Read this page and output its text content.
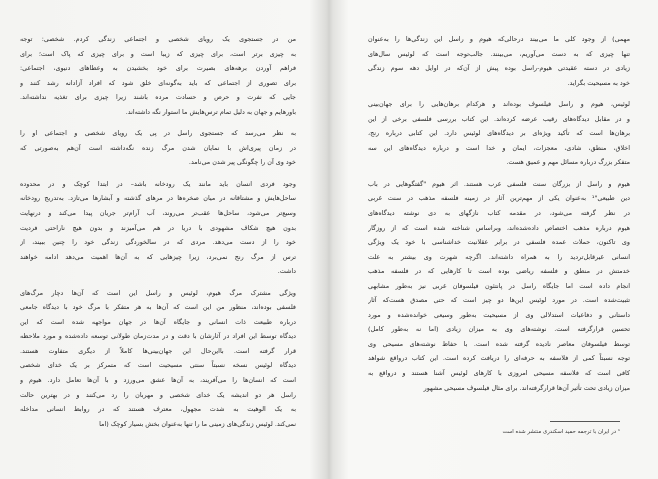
من در جستجوی یک رویای شخصی و اجتماعی زندگی کردم. شخصی: توجه
به چیزی برتر است، برای چیزی که زیبا است و برای چیزی که پاک است؛ برای
فراهم آوردن برهه‌های بصیرت برای خود بخشیدن به وعطاهای دنیوی، اجتماعی:
برای تصوری از اجتماعی که باید به‌گونه‌ای خلق شود که افراد آزادانه رشد کنند و
جایی که نفرت و حرص و حسادت مرده باشند زیرا چیزی برای تغذیه نداشته‌اند.
باورهایم و جهان به دلیل تمام ترس‌هایش ما استوار نگه داشته‌اند.
به نظر می‌رسد که جستجوی راسل در پی یک رویای شخصی و اجتماعی او را
در زمان پیری‌اش با نمایان شدن مرگ زنده نگه‌داشته است آن‌هم به‌صورتی که
خود وی آن را چگونگی پیر شدن می‌نامد.
وجود فردی انسان باید مانند یک رودخانه باشد– در ابتدا کوچک و در محدوده
ساحل‌هایش و مشتاقانه در میان صخره‌ها در مرهای گذشته و آبشارها می‌تازد. به‌تدریج رودخانه
وسیع‌تر می‌شود، ساحل‌ها عقب‌تر می‌روند، آب آرام‌تر جریان پیدا می‌کند و درنهایت
بدون هیچ شکاف مشهودی با دریا در هم می‌آمیزند و بدون هیچ ناراحتی فردیت
خود را از دست می‌دهد. مردی که در سالخوردگی زندگی خود را چنین ببیند، از
ترس از مرگ رنج نمی‌برد، زیرا چیزهایی که به آن‌ها اهمیت می‌دهد ادامه خواهند
داشت.
ویژگی مشترک مرگ هیوم، لوئیس و راسل این است که آن‌ها دچار مرگ‌های
فلسفی بوده‌اند، منظور من این است که آن‌ها به هر متفکر با مرگ خود با دیدگاه جامعی
درباره طبیعت ذات انسانی و جایگاه آن‌ها در جهان مواجهه شده است که این
دیدگاه توسط این افراد در آثارشان با دقت و در مدت‌زمان طولانی توسعه داده‌شده و مورد ملاحظه
قرار گرفته است. بااین‌حال این جهان‌بینی‌ها کاملاً از دیگری متفاوت هستند.
دیدگاه لوئیس نسخه نسبتاً سنتی مسیحیت است که متمرکز بر یک خدای شخصی
است که انسان‌ها را می‌آفریند، به آن‌ها عشق می‌ورزد و با آن‌ها تعامل دارد. هیوم و
راسل هر دو اندیشه یک خدای شخصی و مهربان را رد می‌کنند و در بهترین حالت
به یک الوهیت به شدت مجهول، معترف هستند که در روابط انسانی مداخله
نمی‌کند. لوئیس زندگی‌های زمینی ما را تنها به‌عنوان بخش بسیار کوچک (اما
مهمی) از وجود کلی ما می‌بیند درحالی‌که هیوم و راسل این زندگی‌ها را به‌عنوان
تنها چیزی که به دست می‌آوریم، می‌بینند. جالب‌توجه است که لوئیس سال‌های
زیادی در دسته عقیدتی هیوم-راسل بوده پیش از آن‌که در اوایل دهه سوم زندگی
خود به مسیحیت بگراید.
لوئیس، هیوم و راسل فیلسوف بوده‌اند و هرکدام برهان‌هایی را برای جهان‌بینی
و در مقابل دیدگاه‌های رقیب عرضه کرده‌اند. این کتاب بررسی فلسفی برخی از این
برهان‌ها است که تأکید ویژه‌ای بر دیدگاه‌های لوئیس دارد. این کتابی درباره رنج،
اخلاق، منطق، شادی، معجزات، ایمان و خدا است و درباره دیدگاه‌های این سه
متفکر بزرگ درباره مسائل مهم و عمیق هست.
هیوم و راسل از بزرگان سنت فلسفی غرب هستند. اثر هیوم "گفتگوهایی در باب
دین طبیعی"¹ به‌عنوان یکی از مهم‌ترین آثار در زمینه فلسفه مذهب در سنت غربی
در نظر گرفته می‌شود، در مقدمه کتاب نازگهای به دی نوشته دیدگاه‌های
هیوم درباره مذهب اختصاص داده‌شده‌اند، وبراساس شناخته شده است که از روزگار
وی تاکنون، حملات عمده فلسفی در برابر عقلانیت خداشناسی با خود یک ویژگی
انسانی غیرقابل‌تردید را به همراه داشته‌اند. اگرچه شهرت وی بیشتر به علت
خدمتش در منطق و فلسفه ریاضی بوده است تا کارهایی که در فلسفه مذهب
انجام داده است اما جایگاه راسل در پانتئون فیلسوفان غربی نیز به‌طور مشابهی
تثبیت‌شده است. در مورد لوئیس این‌ها دو چیز است که حتی مصدق هست‌که آثار
داستانی و دفاعیات استدلالی وی از مسیحیت به‌طور وسیعی خوانده‌شده و مورد
تحسین قرارگرفته است. نوشته‌های وی به میزان زیادی (اما نه به‌طور کامل)
توسط فیلسوفان معاصر نادیده گرفته شده است. با حفاظ نوشته‌های مسیحی وی
توجه نسبتاً کمی از فلاسفه به حرفه‌ای را دریافت کرده است. این کتاب درواقع شواهد
کافی است که فلاسفه مسیحی امروزی با کارهای لوئیس آشنا هستند و درواقع به
میزان زیادی تحت تأثیر آن‌ها قرارگرفته‌اند. برای مثال فیلسوف مسیحی مشهور
¹ در ایران با ترجمه حمید اسکندری منتشر شده است
